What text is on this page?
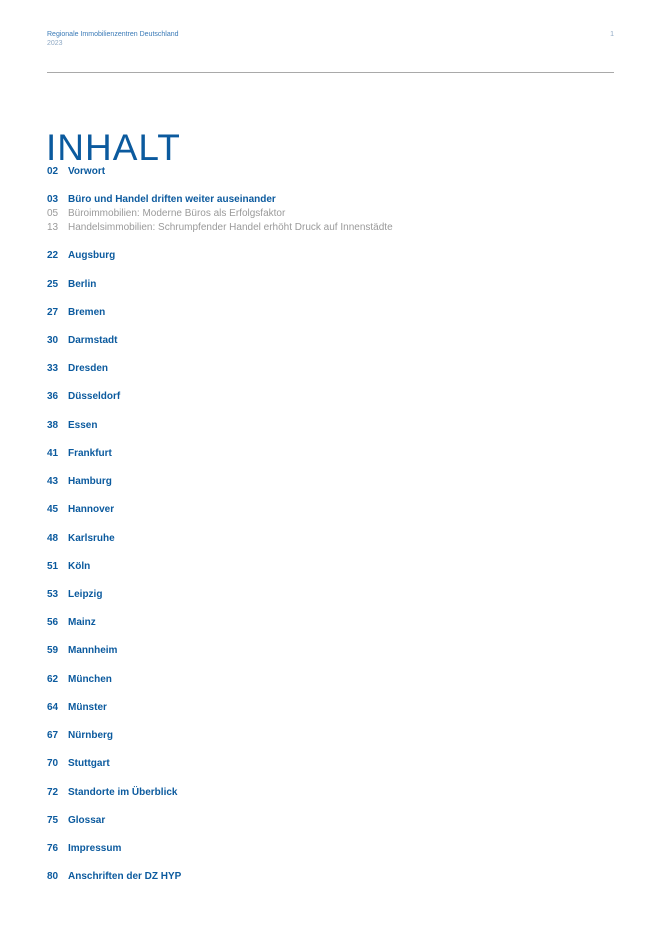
Regionale Immobilienzentren Deutschland
2023
1
INHALT
02 Vorwort
03 Büro und Handel driften weiter auseinander
05 Büroimmobilien: Moderne Büros als Erfolgsfaktor
13 Handelsimmobilien: Schrumpfender Handel erhöht Druck auf Innenstädte
22 Augsburg
25 Berlin
27 Bremen
30 Darmstadt
33 Dresden
36 Düsseldorf
38 Essen
41 Frankfurt
43 Hamburg
45 Hannover
48 Karlsruhe
51 Köln
53 Leipzig
56 Mainz
59 Mannheim
62 München
64 Münster
67 Nürnberg
70 Stuttgart
72 Standorte im Überblick
75 Glossar
76 Impressum
80 Anschriften der DZ HYP
